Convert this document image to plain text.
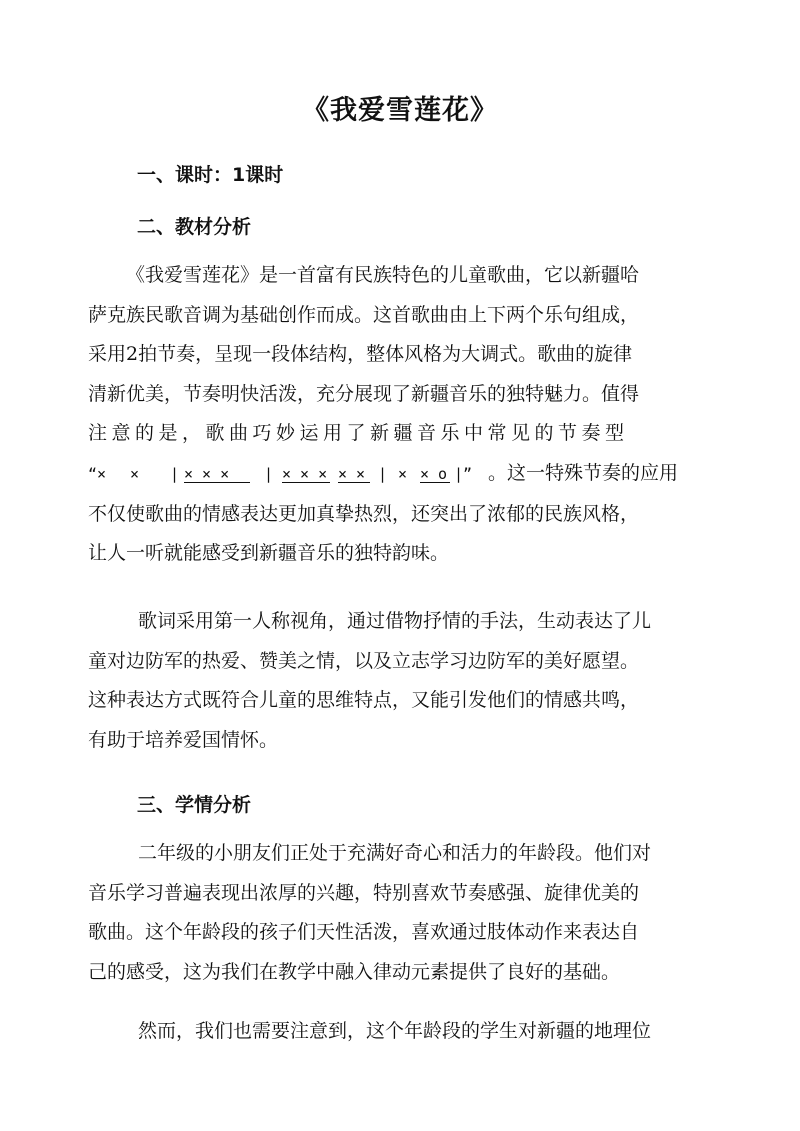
《我爱雪莲花》
一、课时：1课时
二、教材分析
《我爱雪莲花》是一首富有民族特色的儿童歌曲，它以新疆哈
萨克族民歌音调为基础创作而成。这首歌曲由上下两个乐句组成，
采用2拍节奏，呈现一段体结构，整体风格为大调式。歌曲的旋律
清新优美，节奏明快活泼，充分展现了新疆音乐的独特魅力。值得
注意的是，歌曲巧妙运用了新疆音乐中常见的节奏型
“×	×	| × × ×	| × × × × × | × × o |” 。这一特殊节奏的应用
不仅使歌曲的情感表达更加真挚热烈，还突出了浓郁的民族风格，
让人一听就能感受到新疆音乐的独特韵味。
歌词采用第一人称视角，通过借物抒情的手法，生动表达了儿
童对边防军的热爱、赞美之情，以及立志学习边防军的美好愿望。
这种表达方式既符合儿童的思维特点，又能引发他们的情感共鸣，
有助于培养爱国情怀。
三、学情分析
二年级的小朋友们正处于充满好奇心和活力的年龄段。他们对
音乐学习普遍表现出浓厚的兴趣，特别喜欢节奏感强、旋律优美的
歌曲。这个年龄段的孩子们天性活泼，喜欢通过肢体动作来表达自
己的感受，这为我们在教学中融入律动元素提供了良好的基础。
然而，我们也需要注意到，这个年龄段的学生对新疆的地理位
